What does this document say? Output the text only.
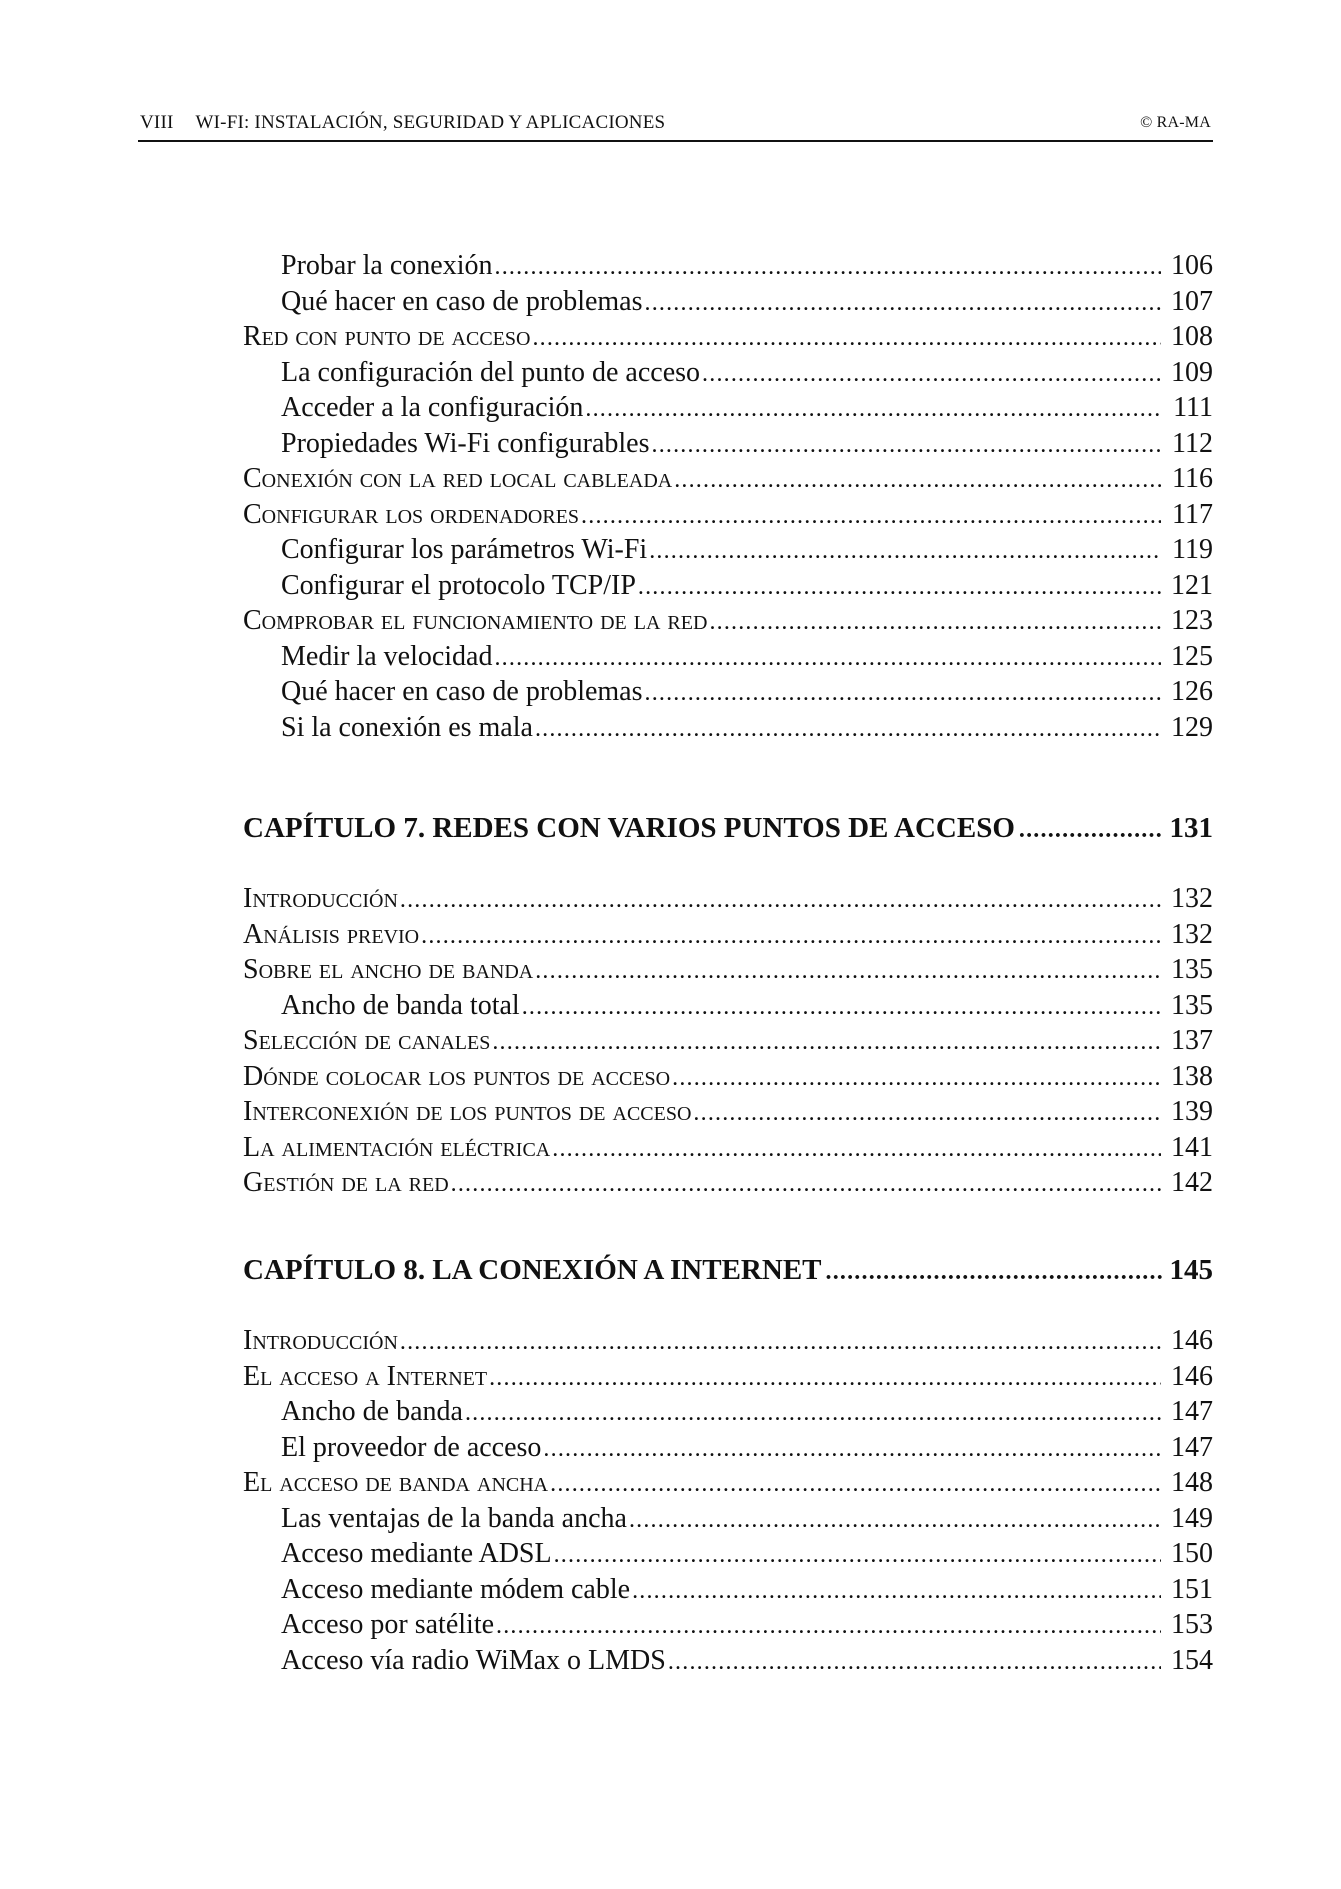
VIII WI-FI: INSTALACIÓN, SEGURIDAD Y APLICACIONES	© RA-MA
Probar la conexión .....	106
Qué hacer en caso de problemas .....	107
Red con punto de acceso .....	108
La configuración del punto de acceso .....	109
Acceder a la configuración .....	111
Propiedades Wi-Fi configurables .....	112
Conexión con la red local cableada .....	116
Configurar los ordenadores .....	117
Configurar los parámetros Wi-Fi .....	119
Configurar el protocolo TCP/IP .....	121
Comprobar el funcionamiento de la red .....	123
Medir la velocidad .....	125
Qué hacer en caso de problemas .....	126
Si la conexión es mala .....	129
CAPÍTULO 7. REDES CON VARIOS PUNTOS DE ACCESO .....	131
Introducción .....	132
Análisis previo .....	132
Sobre el ancho de banda .....	135
Ancho de banda total .....	135
Selección de canales .....	137
Dónde colocar los puntos de acceso .....	138
Interconexión de los puntos de acceso .....	139
La alimentación eléctrica .....	141
Gestión de la red .....	142
CAPÍTULO 8. LA CONEXIÓN A INTERNET .....	145
Introducción .....	146
El acceso a Internet .....	146
Ancho de banda .....	147
El proveedor de acceso .....	147
El acceso de banda ancha .....	148
Las ventajas de la banda ancha .....	149
Acceso mediante ADSL .....	150
Acceso mediante módem cable .....	151
Acceso por satélite .....	153
Acceso vía radio WiMax o LMDS .....	154
